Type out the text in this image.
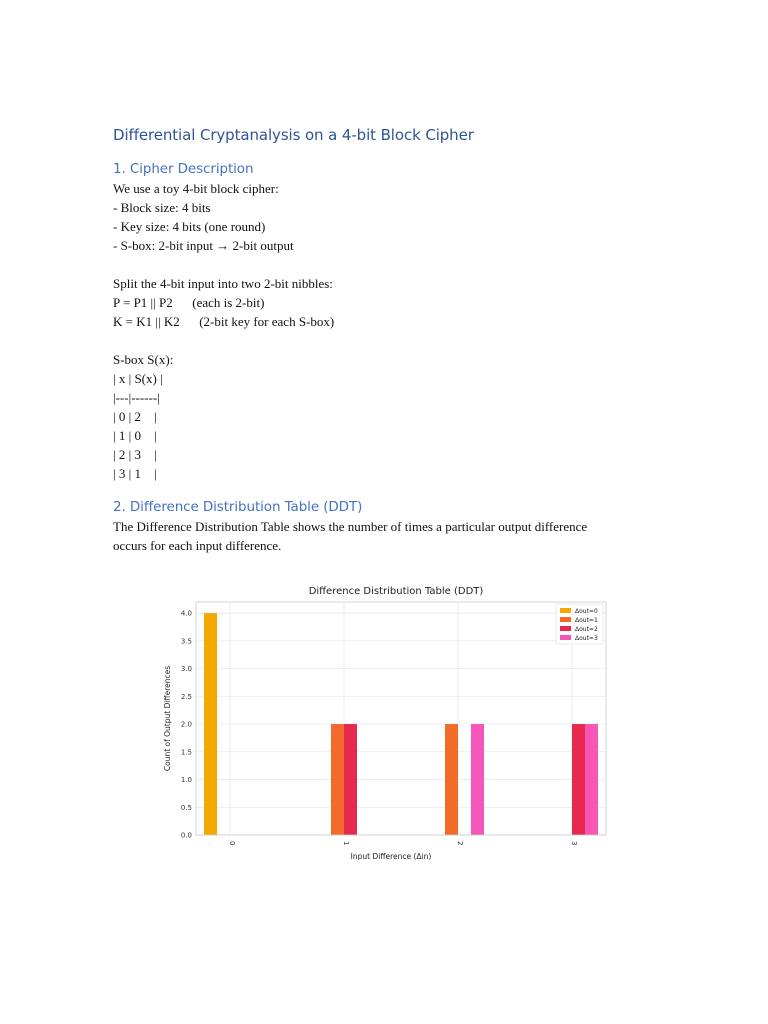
Differential Cryptanalysis on a 4-bit Block Cipher
1. Cipher Description

We use a toy 4-bit block cipher:

- Block size: 4 bits

- Key size: 4 bits (one round)

- S-box: 2-bit input → 2-bit output

Split the 4-bit input into two 2-bit nibbles:

P = P1 || P2      (each is 2-bit)

K = K1 || K2      (2-bit key for each S-box)

S-box S(x):

| x | S(x) |

|---|------|

| 0 | 2    |

| 1 | 0    |

| 2 | 3    |

| 3 | 1    |

2. Difference Distribution Table (DDT)

The Difference Distribution Table shows the number of times a particular output difference

occurs for each input difference.

Difference Distribution Table (DDT)
0.0
0.5
1.0
1.5
2.0
2.5
3.0
3.5
4.0
0	1	2	3
Δout=0
Δout=1
Δout=2
Δout=3
Count of Output Differences
Input Difference (Δin)
